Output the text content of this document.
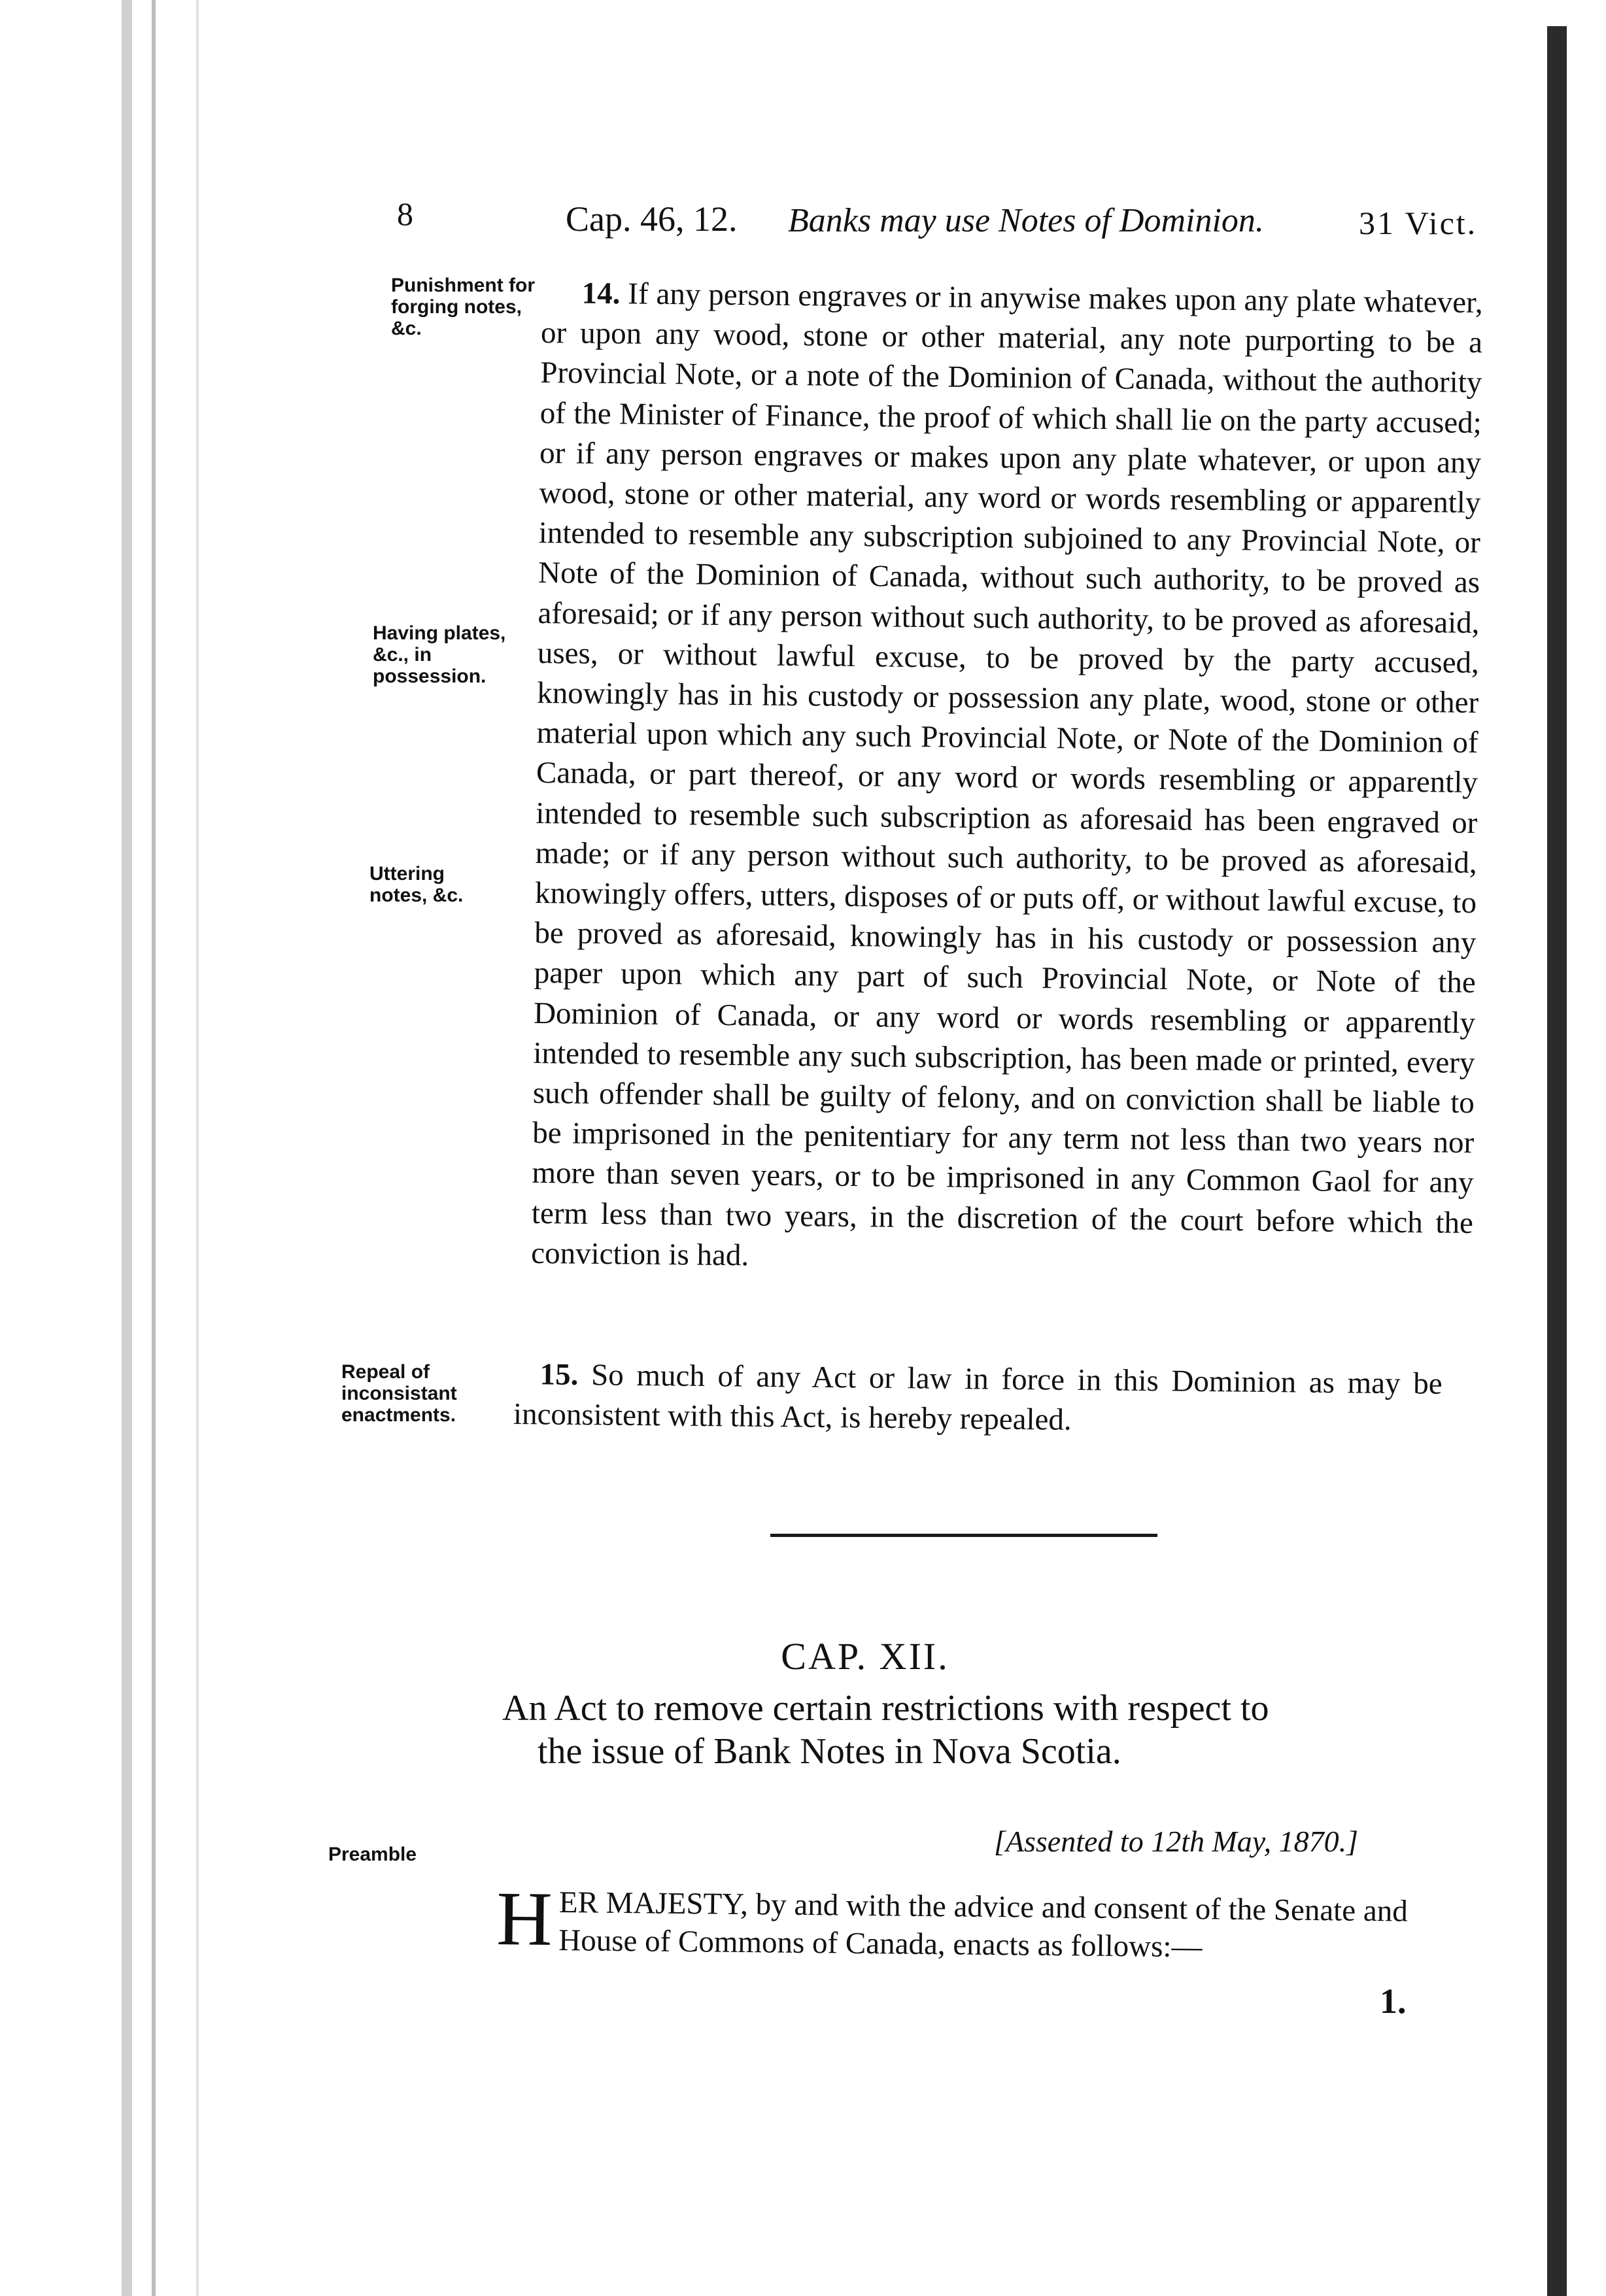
8	Cap. 46, 12. Banks may use Notes of Dominion.	31 Vict.
Punishment for forging notes, &c.
Having plates, &c., in possession.
Uttering notes, &c.
Repeal of inconsistant enactments.
Preamble
14. If any person engraves or in anywise makes upon any plate whatever, or upon any wood, stone or other material, any note purporting to be a Provincial Note, or a note of the Dominion of Canada, without the authority of the Minister of Finance, the proof of which shall lie on the party accused; or if any person engraves or makes upon any plate whatever, or upon any wood, stone or other material, any word or words resembling or apparently intended to resemble any subscription subjoined to any Provincial Note, or Note of the Dominion of Canada, without such authority, to be proved as aforesaid; or if any person without such authority, to be proved as aforesaid, uses, or without lawful excuse, to be proved by the party accused, knowingly has in his custody or possession any plate, wood, stone or other material upon which any such Provincial Note, or Note of the Dominion of Canada, or part thereof, or any word or words resembling or apparently intended to resemble such subscription as aforesaid has been engraved or made; or if any person without such authority, to be proved as aforesaid, knowingly offers, utters, disposes of or puts off, or without lawful excuse, to be proved as aforesaid, knowingly has in his custody or possession any paper upon which any part of such Provincial Note, or Note of the Dominion of Canada, or any word or words resembling or apparently intended to resemble any such subscription, has been made or printed, every such offender shall be guilty of felony, and on conviction shall be liable to be imprisoned in the penitentiary for any term not less than two years nor more than seven years, or to be imprisoned in any Common Gaol for any term less than two years, in the discretion of the court before which the conviction is had.
15. So much of any Act or law in force in this Dominion as may be inconsistent with this Act, is hereby repealed.
CAP. XII.
An Act to remove certain restrictions with respect to
the issue of Bank Notes in Nova Scotia.
[Assented to 12th May, 1870.]
H ER MAJESTY, by and with the advice and consent of the Senate and House of Commons of Canada, enacts as follows:—
1.
